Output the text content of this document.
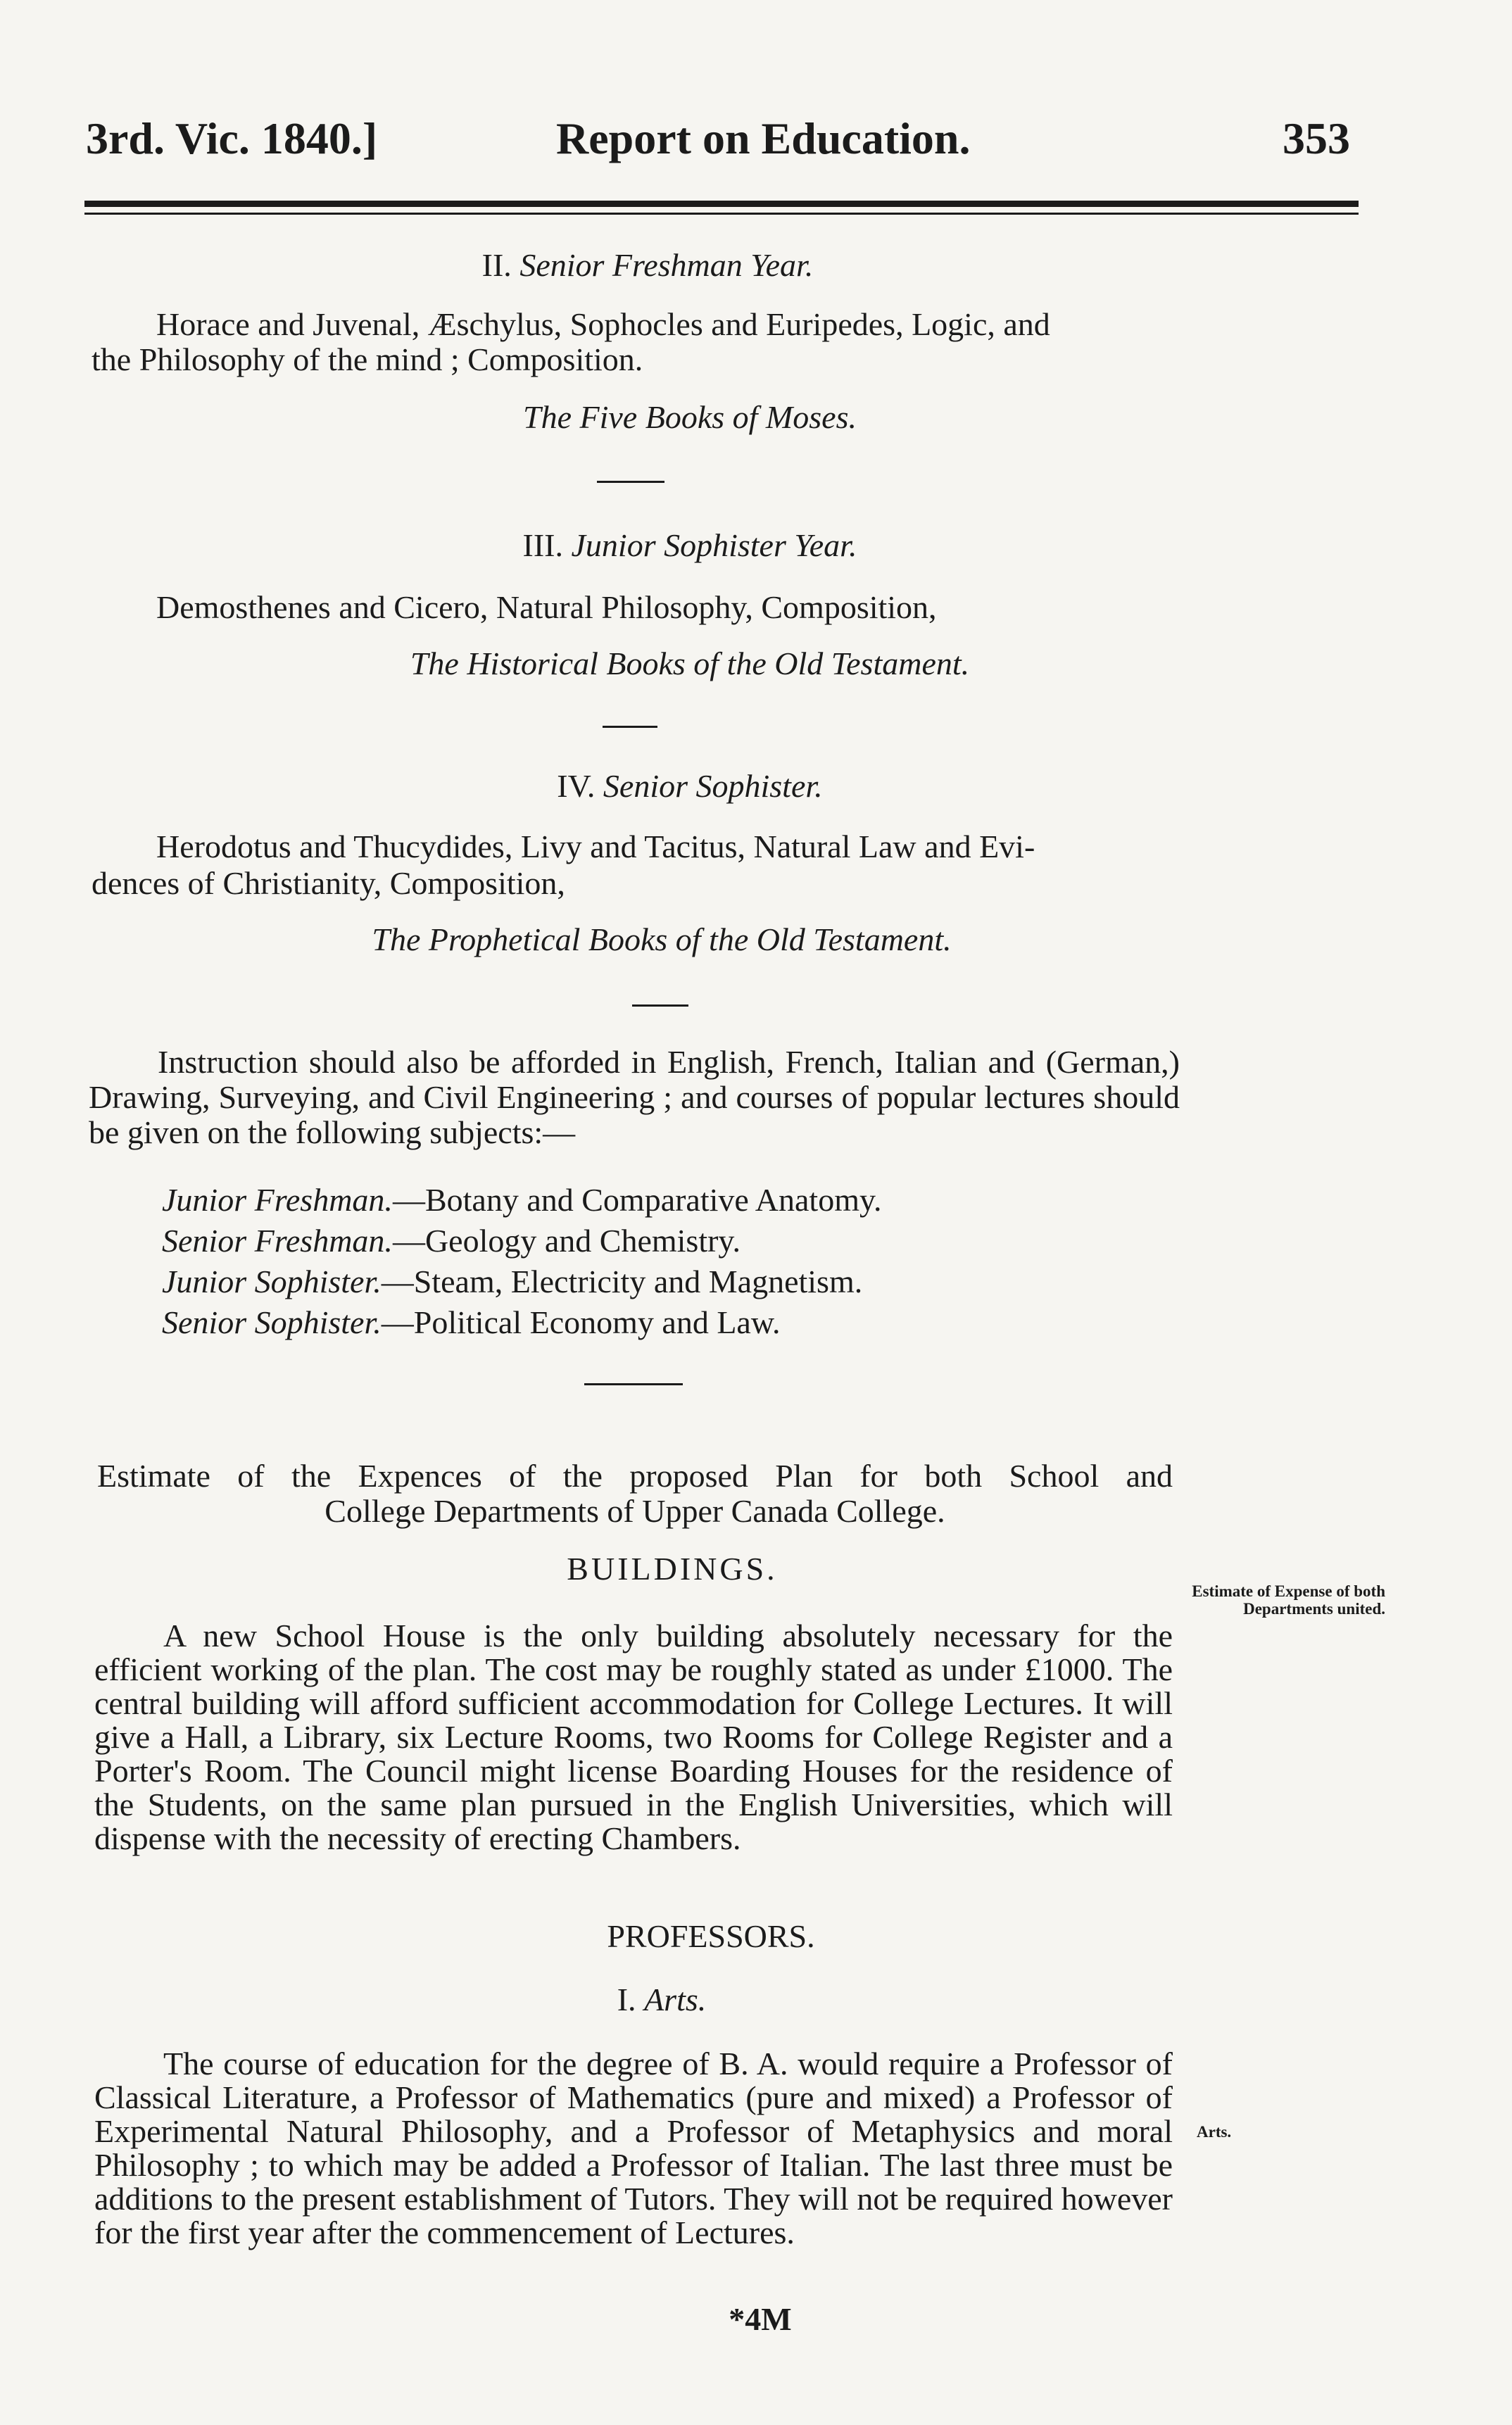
3rd. Vic. 1840.]	Report on Education.	353
II. Senior Freshman Year.
Horace and Juvenal, Æschylus, Sophocles and Euripedes, Logic, and
the Philosophy of the mind ; Composition.
The Five Books of Moses.
III. Junior Sophister Year.
Demosthenes and Cicero, Natural Philosophy, Composition,
The Historical Books of the Old Testament.
IV. Senior Sophister.
Herodotus and Thucydides, Livy and Tacitus, Natural Law and Evi-
dences of Christianity, Composition,
The Prophetical Books of the Old Testament.
Instruction should also be afforded in English, French, Italian and (German,) Drawing, Surveying, and Civil Engineering ; and courses of popular lectures should be given on the following subjects:—
Junior Freshman.—Botany and Comparative Anatomy.
Senior Freshman.—Geology and Chemistry.
Junior Sophister.—Steam, Electricity and Magnetism.
Senior Sophister.—Political Economy and Law.
Estimate of the Expences of the proposed Plan for both School and
College Departments of Upper Canada College.
BUILDINGS.
Estimate of Expense of both Departments united.
A new School House is the only building absolutely necessary for the efficient working of the plan. The cost may be roughly stated as under £1000. The central building will afford sufficient accommodation for College Lectures. It will give a Hall, a Library, six Lecture Rooms, two Rooms for College Register and a Porter's Room. The Council might license Boarding Houses for the residence of the Students, on the same plan pursued in the English Universities, which will dispense with the necessity of erecting Chambers.
PROFESSORS.
I. Arts.
Arts.
The course of education for the degree of B. A. would require a Professor of Classical Literature, a Professor of Mathematics (pure and mixed) a Professor of Experimental Natural Philosophy, and a Professor of Metaphysics and moral Philosophy ; to which may be added a Professor of Italian. The last three must be additions to the present establishment of Tutors. They will not be required however for the first year after the commencement of Lectures.
*4M
